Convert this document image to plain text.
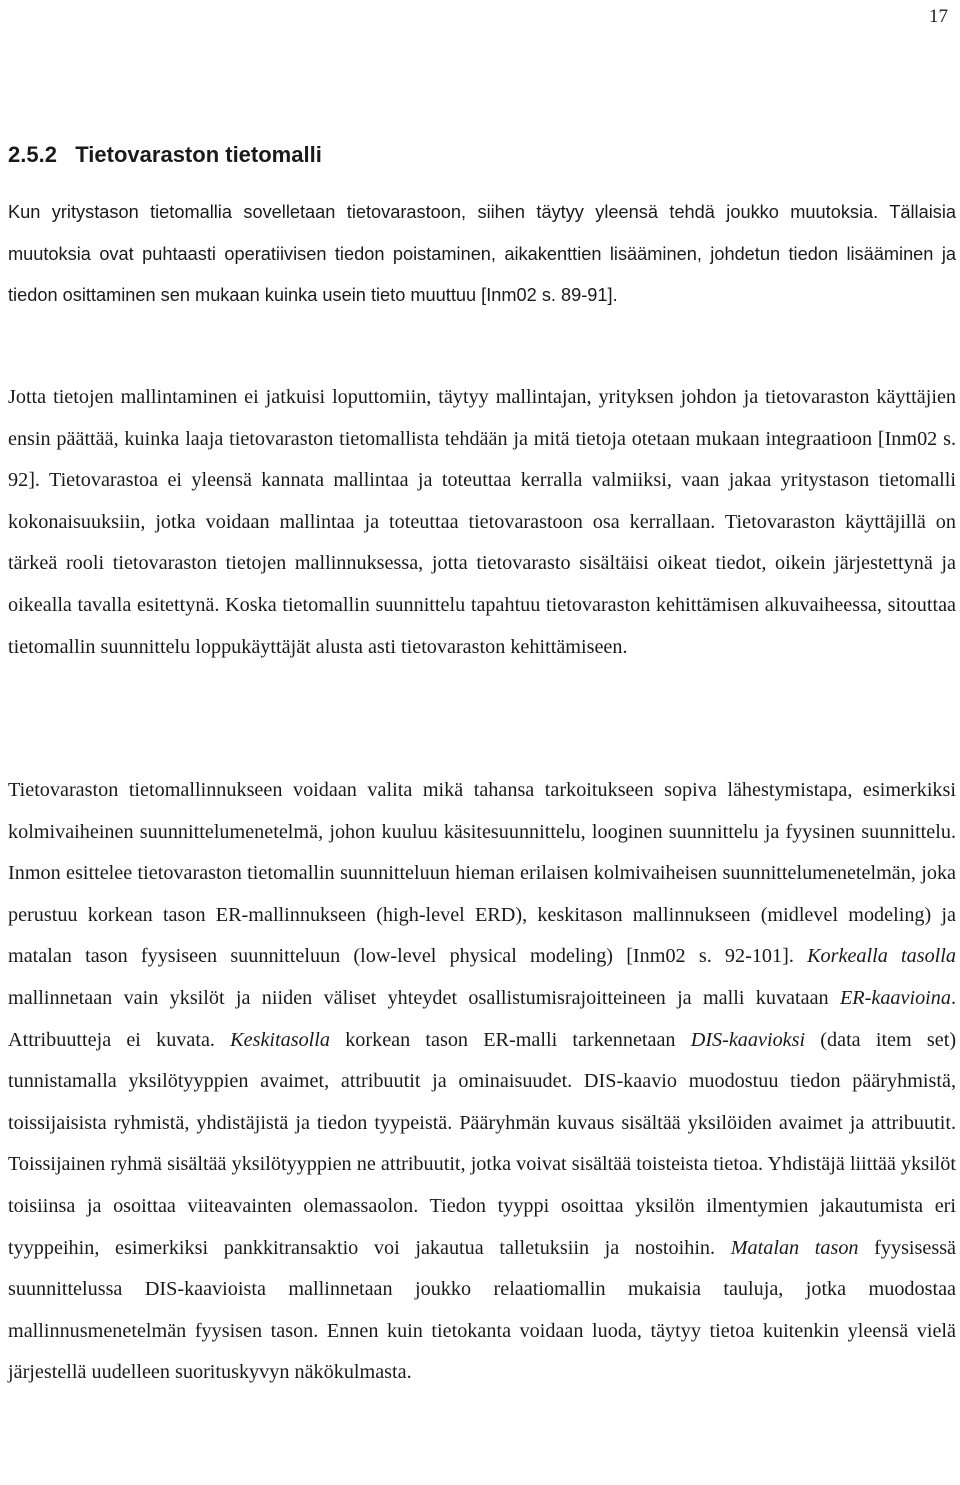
17
2.5.2   Tietovaraston tietomalli

Kun yritystason tietomallia sovelletaan tietovarastoon, siihen täytyy yleensä tehdä joukko muutoksia. Tällaisia muutoksia ovat puhtaasti operatiivisen tiedon poistaminen, aikakenttien lisääminen, johdetun tiedon lisääminen ja tiedon osittaminen sen mukaan kuinka usein tieto muuttuu [Inm02 s. 89-91].

Jotta tietojen mallintaminen ei jatkuisi loputtomiin, täytyy mallintajan, yrityksen johdon ja tietovaraston käyttäjien ensin päättää, kuinka laaja tietovaraston tietomallista tehdään ja mitä tietoja otetaan mukaan integraatioon [Inm02 s. 92]. Tietovarastoa ei yleensä kannata mallintaa ja toteuttaa kerralla valmiiksi, vaan jakaa yritystason tietomalli kokonaisuuksiin, jotka voidaan mallintaa ja toteuttaa tietovarastoon osa kerrallaan. Tietovaraston käyttäjillä on tärkeä rooli tietovaraston tietojen mallinnuksessa, jotta tietovarasto sisältäisi oikeat tiedot, oikein järjestettynä ja oikealla tavalla esitettynä. Koska tietomallin suunnittelu tapahtuu tietovaraston kehittämisen alkuvaiheessa, sitouttaa tietomallin suunnittelu loppukäyttäjät alusta asti tietovaraston kehittämiseen.

Tietovaraston tietomallinnukseen voidaan valita mikä tahansa tarkoitukseen sopiva lähestymistapa, esimerkiksi kolmivaiheinen suunnittelumenetelmä, johon kuuluu käsitesuunnittelu, looginen suunnittelu ja fyysinen suunnittelu. Inmon esittelee tietovaraston tietomallin suunnitteluun hieman erilaisen kolmivaiheisen suunnittelumenetelmän, joka perustuu korkean tason ER-mallinnukseen (high-level ERD), keskitason mallinnukseen (midlevel modeling) ja matalan tason fyysiseen suunnitteluun (low-level physical modeling) [Inm02 s. 92-101]. Korkealla tasolla mallinnetaan vain yksilöt ja niiden väliset yhteydet osallistumisrajoitteineen ja malli kuvataan ER-kaavioina. Attribuutteja ei kuvata. Keskitasolla korkean tason ER-malli tarkennetaan DIS-kaavioksi (data item set) tunnistamalla yksilötyyppien avaimet, attribuutit ja ominaisuudet. DIS-kaavio muodostuu tiedon pääryhmistä, toissijaisista ryhmistä, yhdistäjistä ja tiedon tyypeistä. Pääryhmän kuvaus sisältää yksilöiden avaimet ja attribuutit. Toissijainen ryhmä sisältää yksilötyyppien ne attribuutit, jotka voivat sisältää toisteista tietoa. Yhdistäjä liittää yksilöt toisiinsa ja osoittaa viiteavainten olemassaolon. Tiedon tyyppi osoittaa yksilön ilmentymien jakautumista eri tyyppeihin, esimerkiksi pankkitransaktio voi jakautua talletuksiin ja nostoihin. Matalan tason fyysisessä suunnittelussa DIS-kaavioista mallinnetaan joukko relaatiomallin mukaisia tauluja, jotka muodostaa mallinnusmenetelmän fyysisen tason. Ennen kuin tietokanta voidaan luoda, täytyy tietoa kuitenkin yleensä vielä järjestellä uudelleen suorituskyvyn näkökulmasta.
